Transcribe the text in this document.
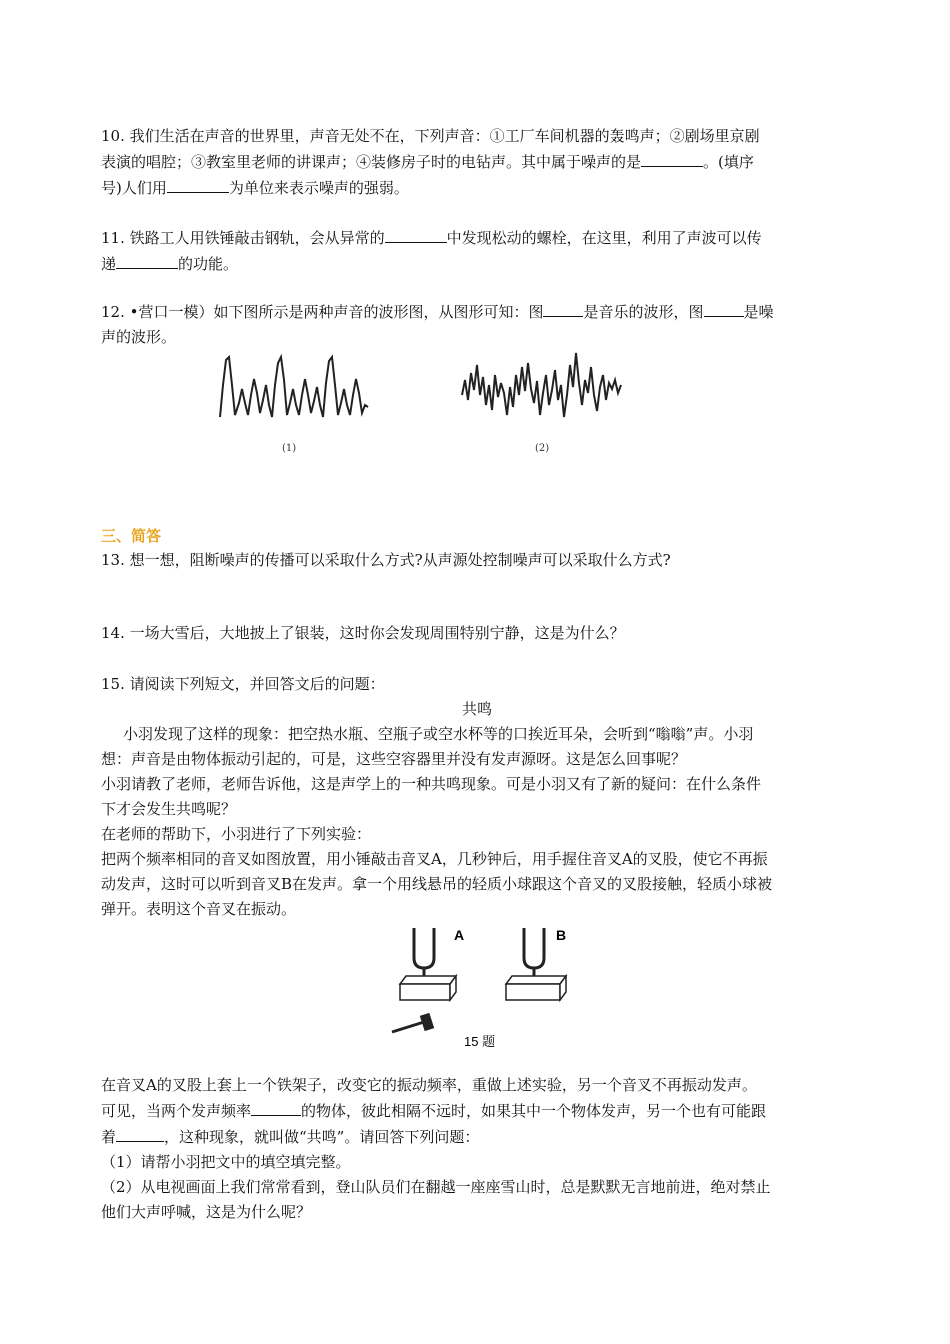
10. 我们生活在声音的世界里，声音无处不在，下列声音：①工厂车间机器的轰鸣声；②剧场里京剧
表演的唱腔；③教室里老师的讲课声；④装修房子时的电钻声。其中属于噪声的是	。(填序
号)人们用	为单位来表示噪声的强弱。

11. 铁路工人用铁锤敲击钢轨，会从异常的	中发现松动的螺栓，在这里，利用了声波可以传
递	的功能。

12. •营口一模）如下图所示是两种声音的波形图，从图形可知：图	是音乐的波形，图	是噪
声的波形。

(1)	(2)
三、简答

13. 想一想，阻断噪声的传播可以采取什么方式?从声源处控制噪声可以采取什么方式?

14. 一场大雪后，大地披上了银装，这时你会发现周围特别宁静，这是为什么？

15. 请阅读下列短文，并回答文后的问题：

共鸣

小羽发现了这样的现象：把空热水瓶、空瓶子或空水杯等的口挨近耳朵，会听到“嗡嗡”声。小羽
想：声音是由物体振动引起的，可是，这些空容器里并没有发声源呀。这是怎么回事呢？
小羽请教了老师，老师告诉他，这是声学上的一种共鸣现象。可是小羽又有了新的疑问：在什么条件
下才会发生共鸣呢？
在老师的帮助下，小羽进行了下列实验：
把两个频率相同的音叉如图放置，用小锤敲击音叉A，几秒钟后，用手握住音叉A的叉股，使它不再振
动发声，这时可以听到音叉B在发声。拿一个用线悬吊的轻质小球跟这个音叉的叉股接触，轻质小球被
弹开。表明这个音叉在振动。

A	B
15 题

在音叉A的叉股上套上一个铁架子，改变它的振动频率，重做上述实验，另一个音叉不再振动发声。
可见，当两个发声频率	的物体，彼此相隔不远时，如果其中一个物体发声，另一个也有可能跟
着	，这种现象，就叫做“共鸣”。请回答下列问题：
（1）请帮小羽把文中的填空填完整。
（2）从电视画面上我们常常看到，登山队员们在翻越一座座雪山时，总是默默无言地前进，绝对禁止
他们大声呼喊，这是为什么呢？
